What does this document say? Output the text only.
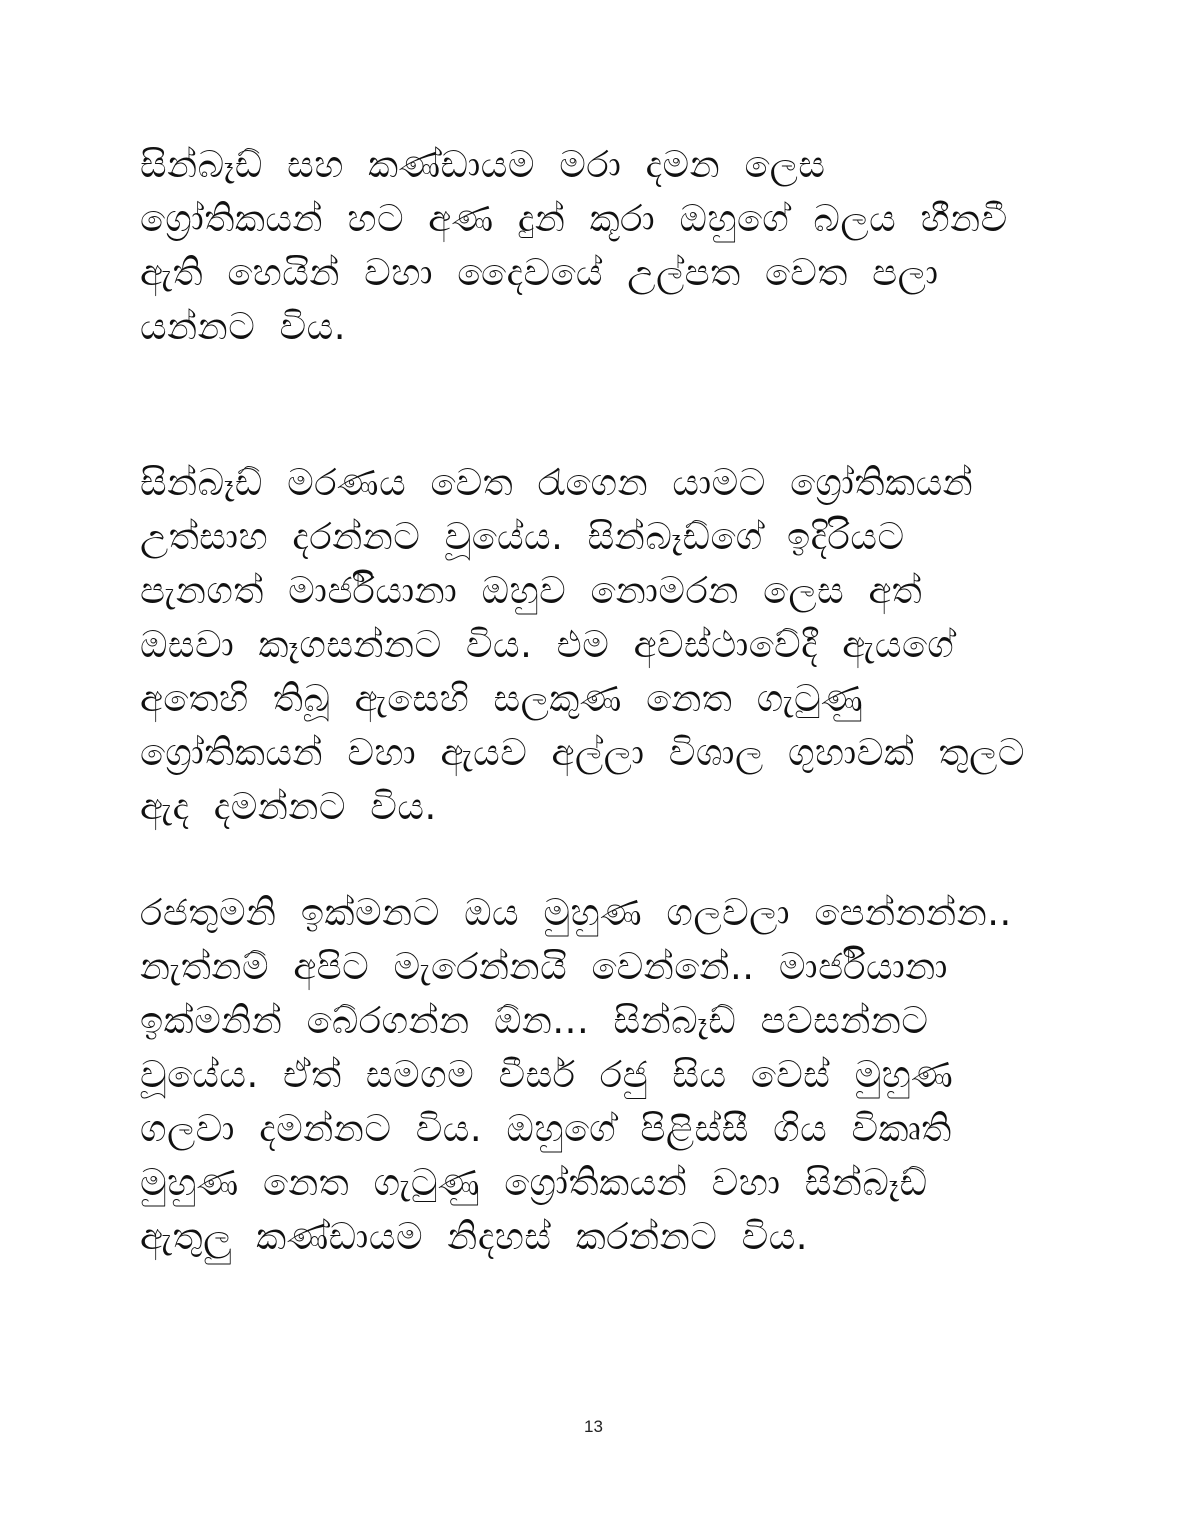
සින්බෑඩ් සහ කණ්ඩායම මරා දමන ලෙස
ග්‍රෝතිකයන් හට අණ දුන් කූරා ඔහුගේ බලය හීනවී
ඇති හෙයින් වහා දෛවයේ උල්පත වෙත පලා
යන්නට විය.
සින්බෑඩ් මරණය වෙත රැගෙන යාමට ග්‍රෝතිකයන්
උත්සාහ දරන්නට වූයේය. සින්බෑඩ්ගේ ඉදිරියට
පැනගත් මාර්ජියානා ඔහුව නොමරන ලෙස අත්
ඔසවා කෑගසන්නට විය. එම අවස්ථාවේදී ඇයගේ
අතෙහි තිබූ ඇසෙහි සලකුණ නෙත ගැටුණු
ග්‍රෝතිකයන් වහා ඇයව අල්ලා විශාල ගුහාවක් තුලට
ඇද දමන්නට විය.
රජතුමනි ඉක්මනට ඔය මුහුණ ගලවලා පෙන්නන්න..
නැත්නම් අපිට මැරෙන්නයි වෙන්නේ.. මාර්ජියානා
ඉක්මනින් බේරගන්න ඕන... සින්බෑඩ් පවසන්නට
වූයේය. ඒත් සමගම වීසර් රජු සිය වෙස් මුහුණ
ගලවා දමන්නට විය. ඔහුගේ පිළිස්සී ගිය විකෘති
මුහුණ නෙත ගැටුණු ග්‍රෝතිකයන් වහා සින්බෑඩ්
ඇතුලු කණ්ඩායම නිදහස් කරන්නට විය.
13
